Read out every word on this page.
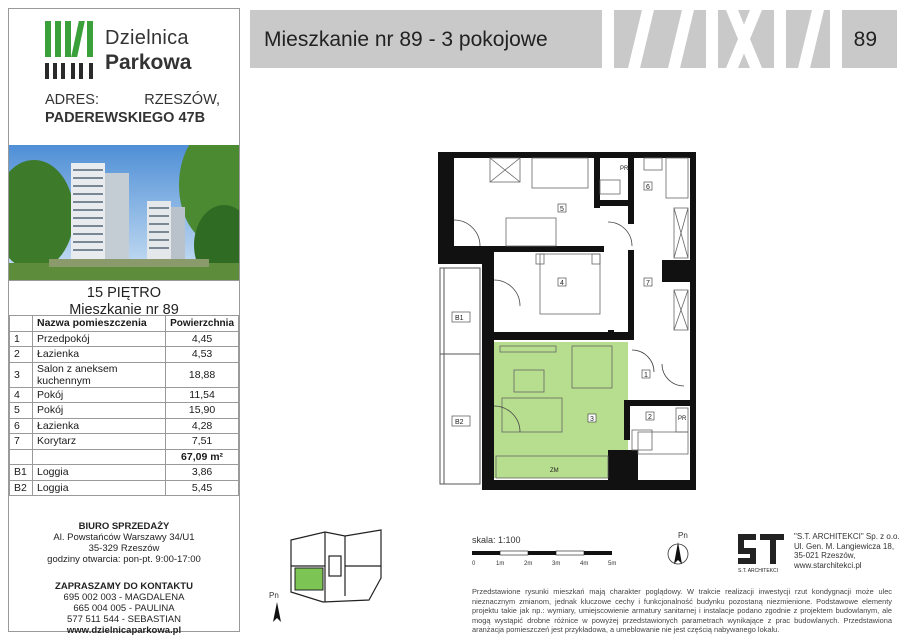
Dzielnica
Parkowa
ADRES:	RZESZÓW,
PADEREWSKIEGO 47B
15 PIĘTRO
Mieszkanie nr 89
	Nazwa pomieszczenia	Powierzchnia
1	Przedpokój	4,45
2	Łazienka	4,53
3	Salon z aneksem kuchennym	18,88
4	Pokój	11,54
5	Pokój	15,90
6	Łazienka	4,28
7	Korytarz	7,51
		67,09 m²
B1	Loggia	3,86
B2	Loggia	5,45
BIURO SPRZEDAŻY
Al. Powstańców Warszawy 34/U1
35-329 Rzeszów
godziny otwarcia: pon-pt. 9:00-17:00
ZAPRASZAMY DO KONTAKTU
695 002 003 - MAGDALENA
665 004 005 - PAULINA
577 511 544 - SEBASTIAN
www.dzielnicaparkowa.pl
Mieszkanie nr 89 - 3 pokojowe	89
1
2
3
4
5
6
7
B1
B2
PR
PR
ZM
skala: 1:100
0	1m	2m	3m	4m	5m
Pn
S.T. ARCHITEKCI
"S.T. ARCHITEKCI" Sp. z o.o.
Ul. Gen. M. Langiewicza 18,
35-021 Rzeszów,
www.starchitekci.pl
Pn	Przedstawione rysunki mieszkań mają charakter poglądowy. W trakcie realizacji inwestycji rzut kondygnacji może ulec nieznacznym zmianom, jednak kluczowe cechy i funkcjonalność budynku pozostaną niezmienione. Podstawowe elementy projektu takie jak np.: wymiary, umiejscowienie armatury sanitarnej i instalacje podano zgodnie z projektem budowlanym, ale mogą wystąpić drobne różnice w powyżej przedstawionych parametrach wynikające z prac budowlanych. Przedstawiona aranżacja pomieszczeń jest przykładowa, a umeblowanie nie jest częścią nabywanego lokalu.
